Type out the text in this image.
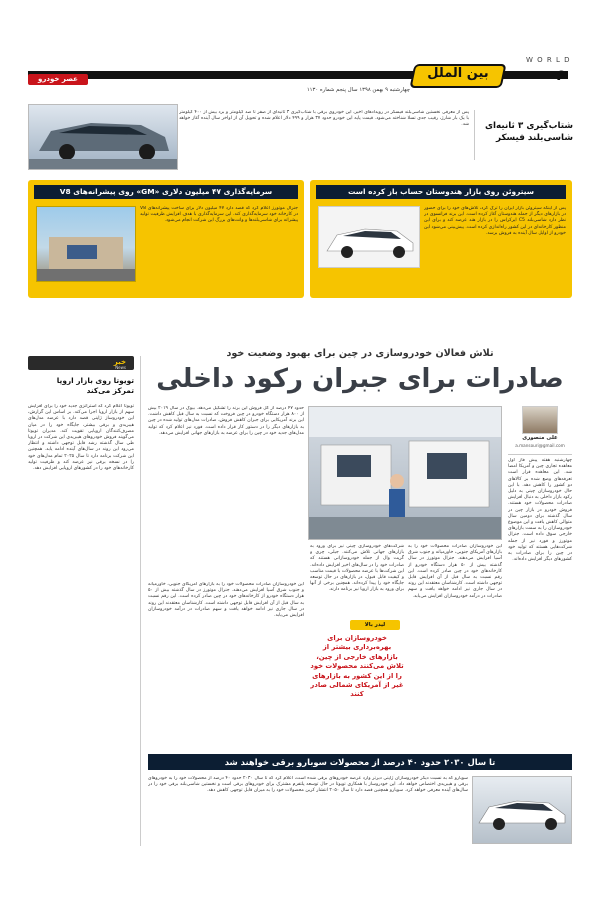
W O R L D
بین الملل	۶
چهارشنبه ۹ بهمن ۱۳۹۸ سال پنجم شماره ۱۱۳۰
عصر خودرو
شتاب‌گیری ۳ ثانیه‌ای
شاسی‌بلند فیسکر
پس از معرفی نخستین شاسی‌بلند فیسکر در رویدادهای اخیر، این خودروی برقی با شتاب‌گیری ۳ ثانیه‌ای از صفر تا صد کیلومتر و برد بیش از ۴۰۰ کیلومتر با یک بار شارژ، رقیب جدی تسلا شناخته می‌شود. قیمت پایه این خودرو حدود ۳۷ هزار و ۴۹۹ دلار اعلام شده و تحویل آن از اواخر سال آینده آغاز خواهد شد.
سیتروئن روی بازار هندوستان حساب باز کرده است
پس از اینکه سیتروئن بازار ایران را ترک کرد، تلاش‌های خود را برای حضور در بازارهای دیگر از جمله هندوستان آغاز کرده است. این برند فرانسوی در نظر دارد شاسی‌بلند C5 ایرکراس را در بازار هند عرضه کند و برای این منظور کارخانه‌ای در این کشور راه‌اندازی کرده است. پیش‌بینی می‌شود این خودرو از اوایل سال آینده به فروش برسد.
سرمایه‌گذاری ۴۷ میلیون دلاری «GM» روی پیشرانه‌های V8
جنرال موتورز اعلام کرد که قصد دارد ۴۷ میلیون دلار برای ساخت پیشرانه‌های V8 در کارخانه خود سرمایه‌گذاری کند. این سرمایه‌گذاری با هدف افزایش ظرفیت تولید پیشرانه برای شاسی‌بلندها و وانت‌های بزرگ این شرکت انجام می‌شود.
خبر
News
تویوتا روی بازار اروپا
تمرکز می‌کند
تویوتا اعلام کرد که استراتژی جدید خود را برای افزایش سهم از بازار اروپا اجرا می‌کند. بر اساس این گزارش، این خودروساز ژاپنی قصد دارد با عرضه مدل‌های هیبریدی و برقی بیشتر، جایگاه خود را در میان مصرف‌کنندگان اروپایی تقویت کند. مدیران تویوتا می‌گویند فروش خودروهای هیبریدی این شرکت در اروپا طی سال گذشته رشد قابل توجهی داشته و انتظار می‌رود این روند در سال‌های آینده ادامه یابد. همچنین این شرکت برنامه دارد تا سال ۲۰۲۵ تمام مدل‌های خود را در نسخه برقی نیز عرضه کند و ظرفیت تولید کارخانه‌های خود را در کشورهای اروپایی افزایش دهد.
تلاش فعالان خودروسازی در چین برای بهبود وضعیت خود
صادرات برای جبران رکود داخلی
علی منصوری
a.mansouri@gmail.com
چهارشنبه هفته پیش فاز اول معاهده تجاری چین و آمریکا امضا شد. این معاهده قرار است تعرفه‌های وضع شده بر کالاهای دو کشور را کاهش دهد. با این حال خودروسازان چینی به دلیل رکود بازار داخلی به دنبال افزایش صادرات محصولات خود هستند. فروش خودرو در بازار چین در سال گذشته برای دومین سال متوالی کاهش یافت و این موضوع خودروسازان را به سمت بازارهای خارجی سوق داده است. جنرال موتورز و فورد نیز از جمله شرکت‌هایی هستند که تولید خود در چین را برای صادرات به کشورهای دیگر افزایش داده‌اند.
حدود ۴۷ درصد از کل فروش این برند را تشکیل می‌دهد. بیوک در سال ۲۰۱۹ بیش از ۸۰۰ هزار دستگاه خودرو در چین فروخت که نسبت به سال قبل کاهش داشت. این برند آمریکایی برای جبران کاهش فروش، صادرات مدل‌های تولید شده در چین به بازارهای دیگر را در دستور کار قرار داده است. فورد نیز اعلام کرد که تولید مدل‌های جدید خود در چین را برای عرضه به بازارهای جهانی افزایش می‌دهد.
این خودروسازان صادرات محصولات خود را به بازارهای آمریکای جنوبی، خاورمیانه و جنوب شرق آسیا افزایش می‌دهند. جنرال موتورز در سال گذشته بیش از ۵۰ هزار دستگاه خودرو از کارخانه‌های خود در چین صادر کرده است. این رقم نسبت به سال قبل از آن افزایش قابل توجهی داشته است. کارشناسان معتقدند این روند در سال جاری نیز ادامه خواهد یافت و سهم صادرات در درآمد خودروسازان افزایش می‌یابد.
شرکت‌های خودروسازی چینی نیز برای ورود به بازارهای جهانی تلاش می‌کنند. جیلی، چری و گریت وال از جمله خودروسازانی هستند که صادرات خود را در سال‌های اخیر افزایش داده‌اند. این شرکت‌ها با عرضه محصولات با قیمت مناسب و کیفیت قابل قبول، در بازارهای در حال توسعه جایگاه خود را پیدا کرده‌اند. همچنین برخی از آنها برای ورود به بازار اروپا نیز برنامه دارند.
لیدر بالا
خودروسازان برای بهره‌برداری بیشتر از بازارهای خارجی از چین، تلاش می‌کنند محصولات خود را از این کشور به بازارهای غیر از آمریکای شمالی صادر کنند
این خودروسازان صادرات محصولات خود را به بازارهای آمریکای جنوبی، خاورمیانه و جنوب شرق آسیا افزایش می‌دهند. جنرال موتورز در سال گذشته بیش از ۵۰ هزار دستگاه خودرو از کارخانه‌های خود در چین صادر کرده است. این رقم نسبت به سال قبل از آن افزایش قابل توجهی داشته است. کارشناسان معتقدند این روند در سال جاری نیز ادامه خواهد یافت و سهم صادرات در درآمد خودروسازان افزایش می‌یابد.
تا سال ۲۰۳۰ حدود ۴۰ درصد از محصولات سوبارو برقی خواهند شد
سوبارو که به نسبت دیگر خودروسازان ژاپنی دیرتر وارد عرصه خودروهای برقی شده است، اعلام کرد که تا سال ۲۰۳۰ حدود ۴۰ درصد از محصولات خود را به خودروهای برقی و هیبریدی اختصاص خواهد داد. این خودروساز با همکاری تویوتا در حال توسعه پلتفرم مشترک برای خودروهای برقی است و نخستین شاسی‌بلند برقی خود را در سال‌های آینده معرفی خواهد کرد. سوبارو همچنین قصد دارد تا سال ۲۰۵۰ انتشار کربن محصولات خود را به میزان قابل توجهی کاهش دهد.
